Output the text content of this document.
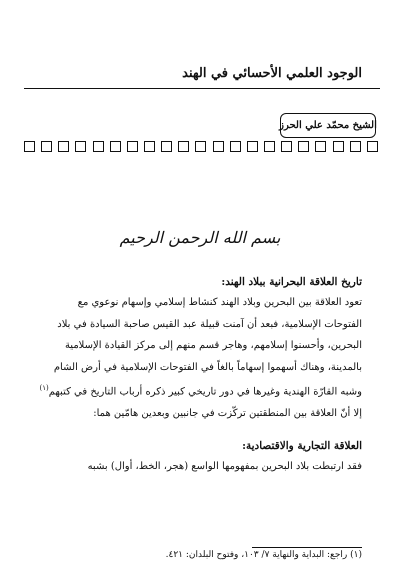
الوجود العلمي الأحسائي في الهند
الشيخ محمّد علي الحرز
بسم الله الرحمن الرحيم

تاريخ العلاقة البحرانية ببلاد الهند:

تعود العلاقة بين البحرين وبلاد الهند كنشاط إسلامي وإسهام نوعوي مع

الفتوحات الإسلامية، فبعد أن آمنت قبيلة عبد القيس صاحبة السيادة في بلاد

البحرين، وأحسنوا إسلامهم، وهاجر قسم منهم إلى مركز القيادة الإسلامية

بالمدينة، وهناك أسهموا إسهاماً بالغاً في الفتوحات الإسلامية في أرض الشام

وشبه القارّة الهندية وغيرها في دور تاريخي كبير ذكره أرباب التاريخ في كتبهم$^{(١)}$

إلا أنّ العلاقة بين المنطقتين تركّزت في جانبين وبعدين هامّين هما:

العلاقة التجارية والاقتصادية:

فقد ارتبطت بلاد البحرين بمفهومها الواسع (هجر، الخط، أوال) بشبه

(١) راجع: البداية والنهاية ٧/ ١٠٣، وفتوح البلدان: ٤٢١.
